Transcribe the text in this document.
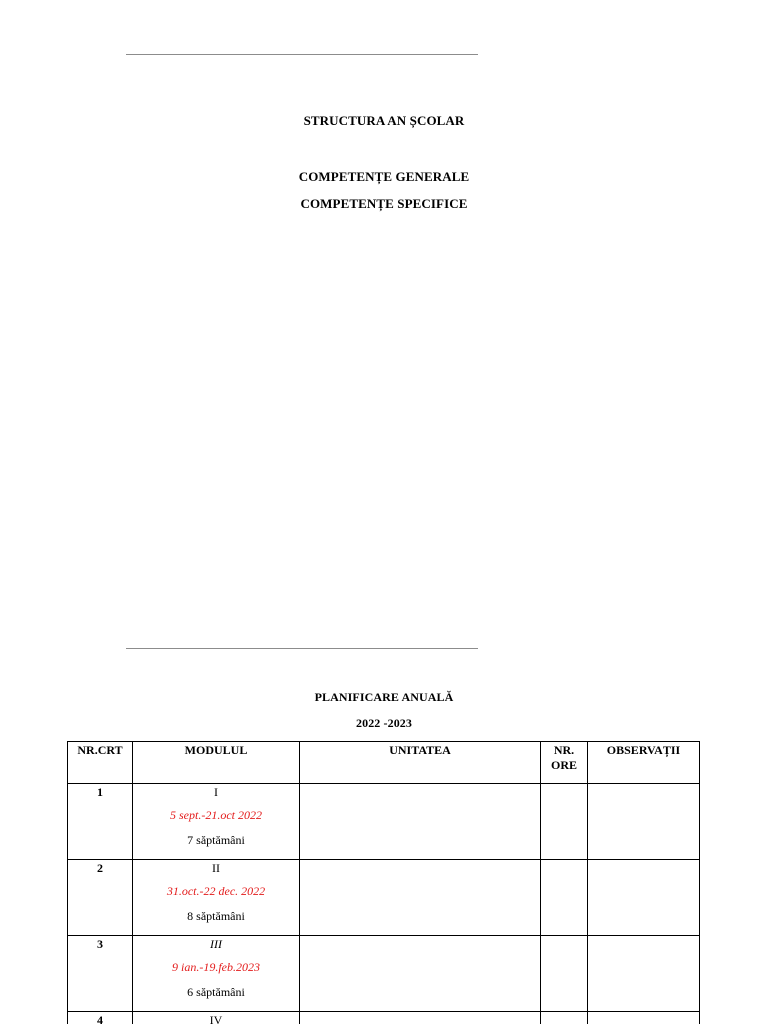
STRUCTURA AN ȘCOLAR
COMPETENȚE GENERALE
COMPETENȚE SPECIFICE
PLANIFICARE ANUALĂ
2022 -2023
NR.CRT	MODULUL	UNITATEA	NR. ORE	OBSERVAȚII
1	I
5 sept.-21.oct 2022
7 săptămâni			

2	II
31.oct.-22 dec. 2022
8 săptămâni			

3	III
9 ian.-19.feb.2023
6 săptămâni			

4	IV			
